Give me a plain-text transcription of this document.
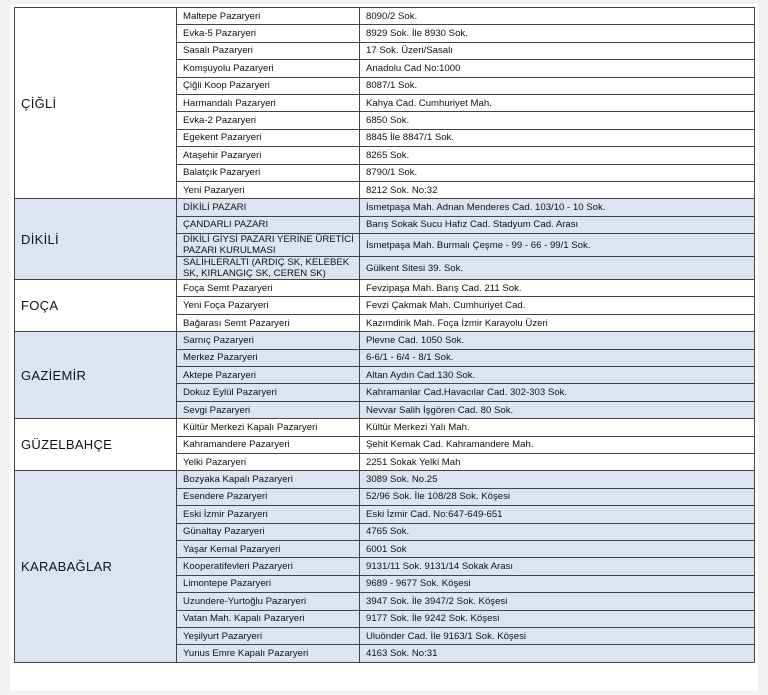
ÇİĞLİ	Maltepe Pazaryeri	8090/2 Sok.
	Evka-5 Pazaryeri	8929 Sok. İle 8930 Sok.
	Sasalı Pazaryeri	17 Sok. Üzeri/Sasalı
	Komşuyolu Pazaryeri	Anadolu Cad No:1000
	Çiğli Koop Pazaryeri	8087/1 Sok.
	Harmandalı Pazaryeri	Kahya Cad. Cumhuriyet Mah.
	Evka-2 Pazaryeri	6850 Sok.
	Egekent Pazaryeri	8845 İle 8847/1 Sok.
	Ataşehir Pazaryeri	8265 Sok.
	Balatçık Pazaryeri	8790/1 Sok.
	Yeni Pazaryeri	8212 Sok. No:32
DİKİLİ	DİKİLİ PAZARI	İsmetpaşa Mah. Adnan Menderes Cad. 103/10 - 10 Sok.
	ÇANDARLI PAZARI	Barış Sokak Sucu Hafız Cad. Stadyum Cad. Arası
	DİKİLİ GİYSİ PAZARI YERİNE ÜRETİCİ PAZARI KURULMASI	İsmetpaşa Mah. Burmalı Çeşme - 99 - 66 - 99/1 Sok.
	SALİHLERALTI (ARDIÇ SK, KELEBEK SK, KIRLANGIÇ SK, CEREN SK)	Gülkent Sitesi 39. Sok.
FOÇA	Foça Semt Pazaryeri	Fevzipaşa Mah. Barış Cad. 211 Sok.
	Yeni Foça Pazaryeri	Fevzi Çakmak Mah. Cumhuriyet Cad.
	Bağarası Semt Pazaryeri	Kazımdirik Mah. Foça İzmir Karayolu Üzeri
GAZİEMİR	Sarnıç Pazaryeri	Plevne Cad. 1050 Sok.
	Merkez Pazaryeri	6-6/1 - 6/4 - 8/1 Sok.
	Aktepe Pazaryeri	Altan Aydın Cad.130 Sok.
	Dokuz Eylül Pazaryeri	Kahramanlar Cad.Havacılar Cad. 302-303 Sok.
	Sevgi Pazaryeri	Nevvar Salih İşgören Cad. 80 Sok.
GÜZELBAHÇE	Kültür Merkezi Kapalı Pazaryeri	Kültür Merkezi Yalı Mah.
	Kahramandere Pazaryeri	Şehit Kemak Cad. Kahramandere Mah.
	Yelki Pazaryeri	2251 Sokak Yelki Mah
KARABAĞLAR	Bozyaka Kapalı Pazaryeri	3089 Sok. No.25
	Esendere Pazaryeri	52/96 Sok. İle 108/28 Sok. Köşesi
	Eski İzmir Pazaryeri	Eski İzmir Cad. No:647-649-651
	Günaltay Pazaryeri	4765 Sok.
	Yaşar Kemal Pazaryeri	6001 Sok
	Kooperatifevleri Pazaryeri	9131/11 Sok. 9131/14 Sokak Arası
	Limontepe Pazaryeri	9689 - 9677 Sok. Köşesi
	Uzundere-Yurtoğlu Pazaryeri	3947 Sok. İle 3947/2 Sok. Köşesi
	Vatan Mah. Kapalı Pazaryeri	9177 Sok. İle 9242 Sok. Köşesi
	Yeşilyurt Pazaryeri	Uluönder Cad. İle 9163/1 Sok. Köşesi
	Yunus Emre Kapalı Pazaryeri	4163 Sok. No:31
